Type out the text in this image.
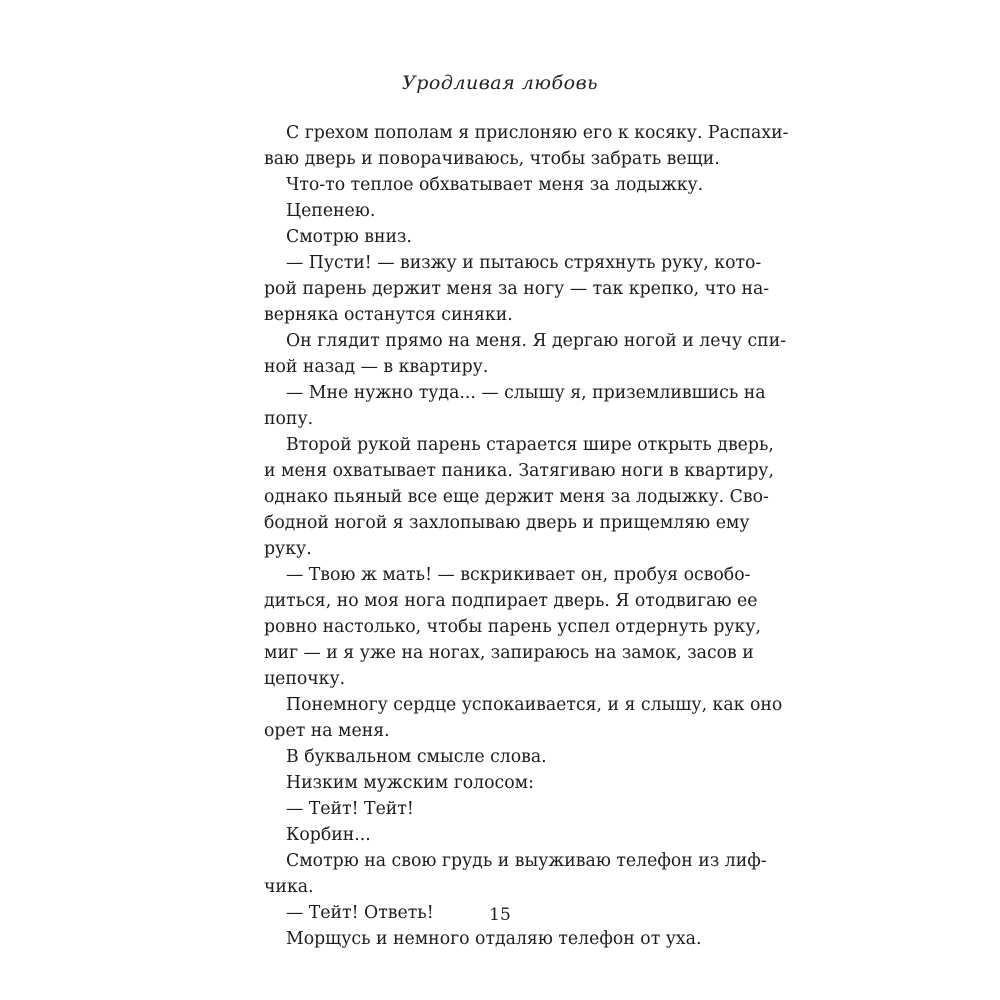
Уродливая любовь
С грехом пополам я прислоняю его к косяку. Распахи-
ваю дверь и поворачиваюсь, чтобы забрать вещи.
Что-то теплое обхватывает меня за лодыжку.
Цепенею.
Смотрю вниз.
— Пусти! — визжу и пытаюсь стряхнуть руку, кото-
рой парень держит меня за ногу — так крепко, что на-
верняка останутся синяки.
Он глядит прямо на меня. Я дергаю ногой и лечу спи-
ной назад — в квартиру.
— Мне нужно туда... — слышу я, приземлившись на
попу.
Второй рукой парень старается шире открыть дверь,
и меня охватывает паника. Затягиваю ноги в квартиру,
однако пьяный все еще держит меня за лодыжку. Сво-
бодной ногой я захлопываю дверь и прищемляю ему
руку.
— Твою ж мать! — вскрикивает он, пробуя освобо-
диться, но моя нога подпирает дверь. Я отодвигаю ее
ровно настолько, чтобы парень успел отдернуть руку,
миг — и я уже на ногах, запираюсь на замок, засов и
цепочку.
Понемногу сердце успокаивается, и я слышу, как оно
орет на меня.
В буквальном смысле слова.
Низким мужским голосом:
— Тейт! Тейт!
Корбин...
Смотрю на свою грудь и выуживаю телефон из лиф-
чика.
— Тейт! Ответь!
Морщусь и немного отдаляю телефон от уха.
15
